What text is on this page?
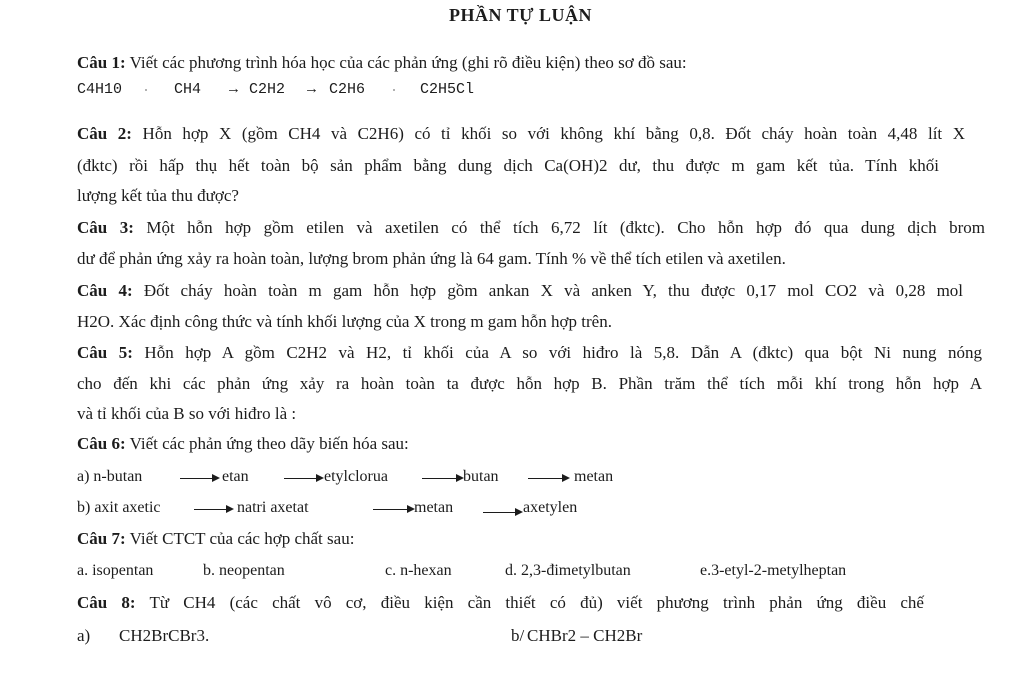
PHẦN TỰ LUẬN
Câu 1: Viết các phương trình hóa học của các phản ứng (ghi rõ điều kiện) theo sơ đồ sau:
C4H10	CH4 → C2H2 → C2H6	C2H5Cl
Câu 2: Hỗn hợp X (gồm CH4 và C2H6) có tỉ khối so với không khí bằng 0,8. Đốt cháy hoàn toàn 4,48 lít X
(đktc) rồi hấp thụ hết toàn bộ sản phẩm bằng dung dịch Ca(OH)2 dư, thu được m gam kết tủa. Tính khối
lượng kết tủa thu được?
Câu 3: Một hỗn hợp gồm etilen và axetilen có thể tích 6,72 lít (đktc). Cho hỗn hợp đó qua dung dịch brom
dư để phản ứng xảy ra hoàn toàn, lượng brom phản ứng là 64 gam. Tính % về thể tích etilen và axetilen.
Câu 4: Đốt cháy hoàn toàn m gam hỗn hợp gồm ankan X và anken Y, thu được 0,17 mol CO2 và 0,28 mol
H2O. Xác định công thức và tính khối lượng của X trong m gam hỗn hợp trên.
Câu 5: Hỗn hợp A gồm C2H2 và H2, tỉ khối của A so với hiđro là 5,8. Dẫn A (đktc) qua bột Ni nung nóng
cho đến khi các phản ứng xảy ra hoàn toàn ta được hỗn hợp B. Phần trăm thể tích mỗi khí trong hỗn hợp A
và tỉ khối của B so với hiđro là :
Câu 6: Viết các phản ứng theo dãy biến hóa sau:
a) n-butan	etan	etylclorua	butan	metan
b) axit axetic	natri axetat	metan	axetylen
Câu 7: Viết CTCT của các hợp chất sau:
a. isopentan	b. neopentan	c. n-hexan	d. 2,3-đimetylbutan	e.3-etyl-2-metylheptan
Câu 8: Từ CH4 (các chất vô cơ, điều kiện cần thiết có đủ) viết phương trình phản ứng điều chế
a) CH2BrCBr3.	b/ CHBr2 – CH2Br
